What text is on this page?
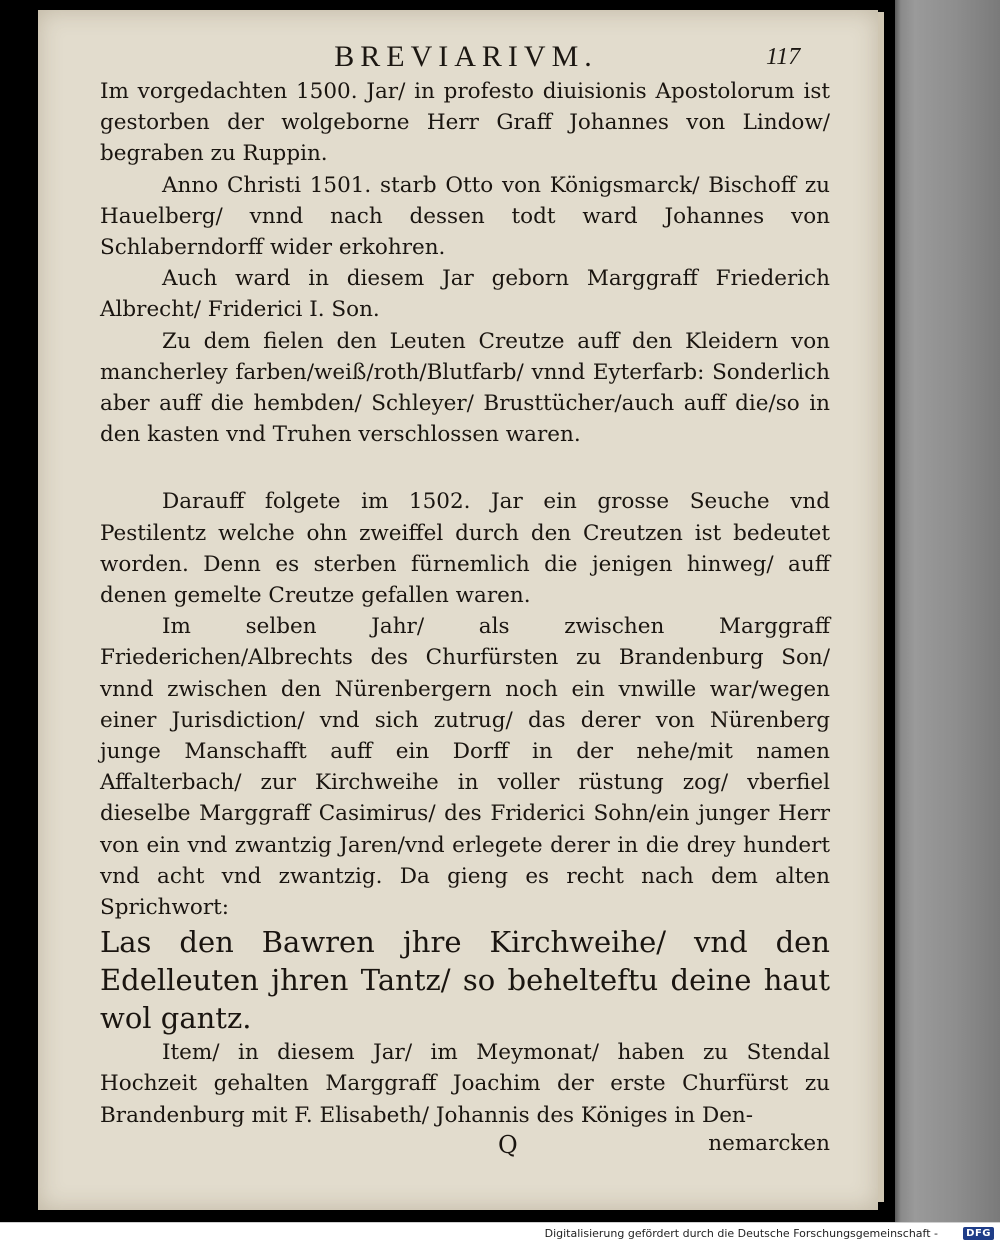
BREVIARIVM.	117

Im vorgedachten 1500. Jar/ in profesto diuisionis Apostolorum ist gestorben der wolgeborne Herr Graff Johannes von Lindow/ begraben zu Ruppin.

Anno Christi 1501. starb Otto von Königsmarck/ Bischoff zu Hauelberg/ vnnd nach dessen todt ward Johannes von Schlaberndorff wider erkohren.

Auch ward in diesem Jar geborn Marggraff Friederich Albrecht/ Friderici I. Son.

Zu dem fielen den Leuten Creutze auff den Kleidern von mancherley farben/weiß/roth/Blutfarb/ vnnd Eyterfarb: Sonderlich aber auff die hembden/ Schleyer/ Brusttücher/auch auff die/so in den kasten vnd Truhen verschlossen waren.

Darauff folgete im 1502. Jar ein grosse Seuche vnd Pestilentz welche ohn zweiffel durch den Creutzen ist bedeutet worden. Denn es sterben fürnemlich die jenigen hinweg/ auff denen gemelte Creutze gefallen waren.

Im selben Jahr/ als zwischen Marggraff Friederichen/Albrechts des Churfürsten zu Brandenburg Son/ vnnd zwischen den Nürenbergern noch ein vnwille war/wegen einer Jurisdiction/ vnd sich zutrug/ das derer von Nürenberg junge Manschafft auff ein Dorff in der nehe/mit namen Affalterbach/ zur Kirchweihe in voller rüstung zog/ vberfiel dieselbe Marggraff Casimirus/ des Friderici Sohn/ein junger Herr von ein vnd zwantzig Jaren/vnd erlegete derer in die drey hundert vnd acht vnd zwantzig. Da gieng es recht nach dem alten Sprichwort:

Las den Bawren jhre Kirchweihe/ vnd den Edelleuten jhren Tantz/ so behelteftu deine haut wol gantz.

Item/ in diesem Jar/ im Meymonat/ haben zu Stendal Hochzeit gehalten Marggraff Joachim der erste Churfürst zu Brandenburg mit F. Elisabeth/ Johannis des Königes in Den-

Q	nemarcken
Digitalisierung gefördert durch die Deutsche Forschungsgemeinschaft -	DFG
